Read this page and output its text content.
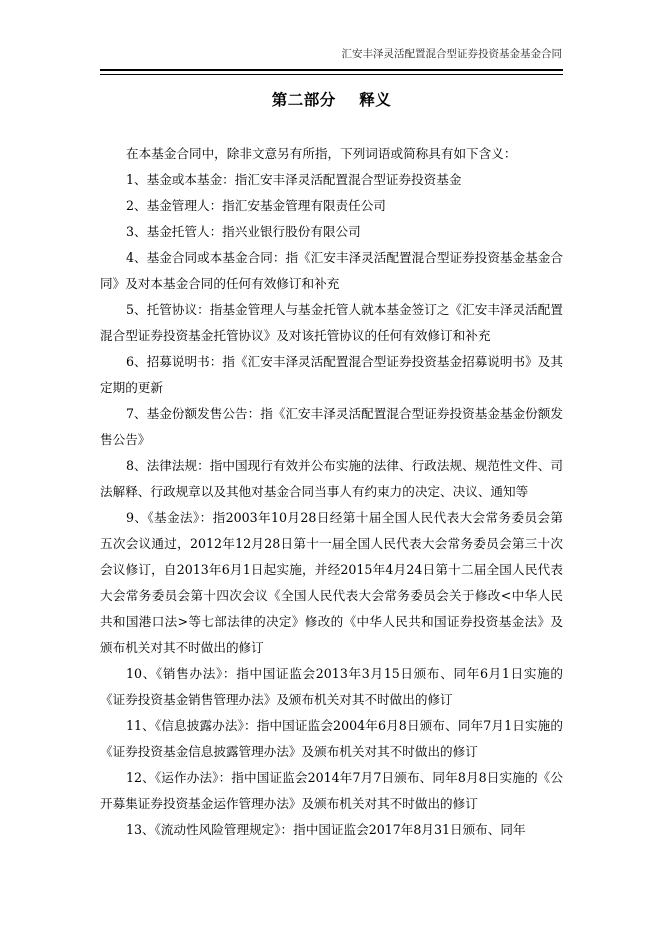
汇安丰泽灵活配置混合型证券投资基金基金合同
第二部分    释义

在本基金合同中，除非文意另有所指，下列词语或简称具有如下含义：

1、基金或本基金：指汇安丰泽灵活配置混合型证券投资基金

2、基金管理人：指汇安基金管理有限责任公司

3、基金托管人：指兴业银行股份有限公司

4、基金合同或本基金合同：指《汇安丰泽灵活配置混合型证券投资基金基金合同》及对本基金合同的任何有效修订和补充

5、托管协议：指基金管理人与基金托管人就本基金签订之《汇安丰泽灵活配置混合型证券投资基金托管协议》及对该托管协议的任何有效修订和补充

6、招募说明书：指《汇安丰泽灵活配置混合型证券投资基金招募说明书》及其定期的更新

7、基金份额发售公告：指《汇安丰泽灵活配置混合型证券投资基金基金份额发售公告》

8、法律法规：指中国现行有效并公布实施的法律、行政法规、规范性文件、司法解释、行政规章以及其他对基金合同当事人有约束力的决定、决议、通知等

9、《基金法》：指2003年10月28日经第十届全国人民代表大会常务委员会第五次会议通过，2012年12月28日第十一届全国人民代表大会常务委员会第三十次会议修订，自2013年6月1日起实施，并经2015年4月24日第十二届全国人民代表大会常务委员会第十四次会议《全国人民代表大会常务委员会关于修改<中华人民共和国港口法>等七部法律的决定》修改的《中华人民共和国证券投资基金法》及颁布机关对其不时做出的修订

10、《销售办法》：指中国证监会2013年3月15日颁布、同年6月1日实施的《证券投资基金销售管理办法》及颁布机关对其不时做出的修订

11、《信息披露办法》：指中国证监会2004年6月8日颁布、同年7月1日实施的《证券投资基金信息披露管理办法》及颁布机关对其不时做出的修订

12、《运作办法》：指中国证监会2014年7月7日颁布、同年8月8日实施的《公开募集证券投资基金运作管理办法》及颁布机关对其不时做出的修订

13、《流动性风险管理规定》：指中国证监会2017年8月31日颁布、同年
